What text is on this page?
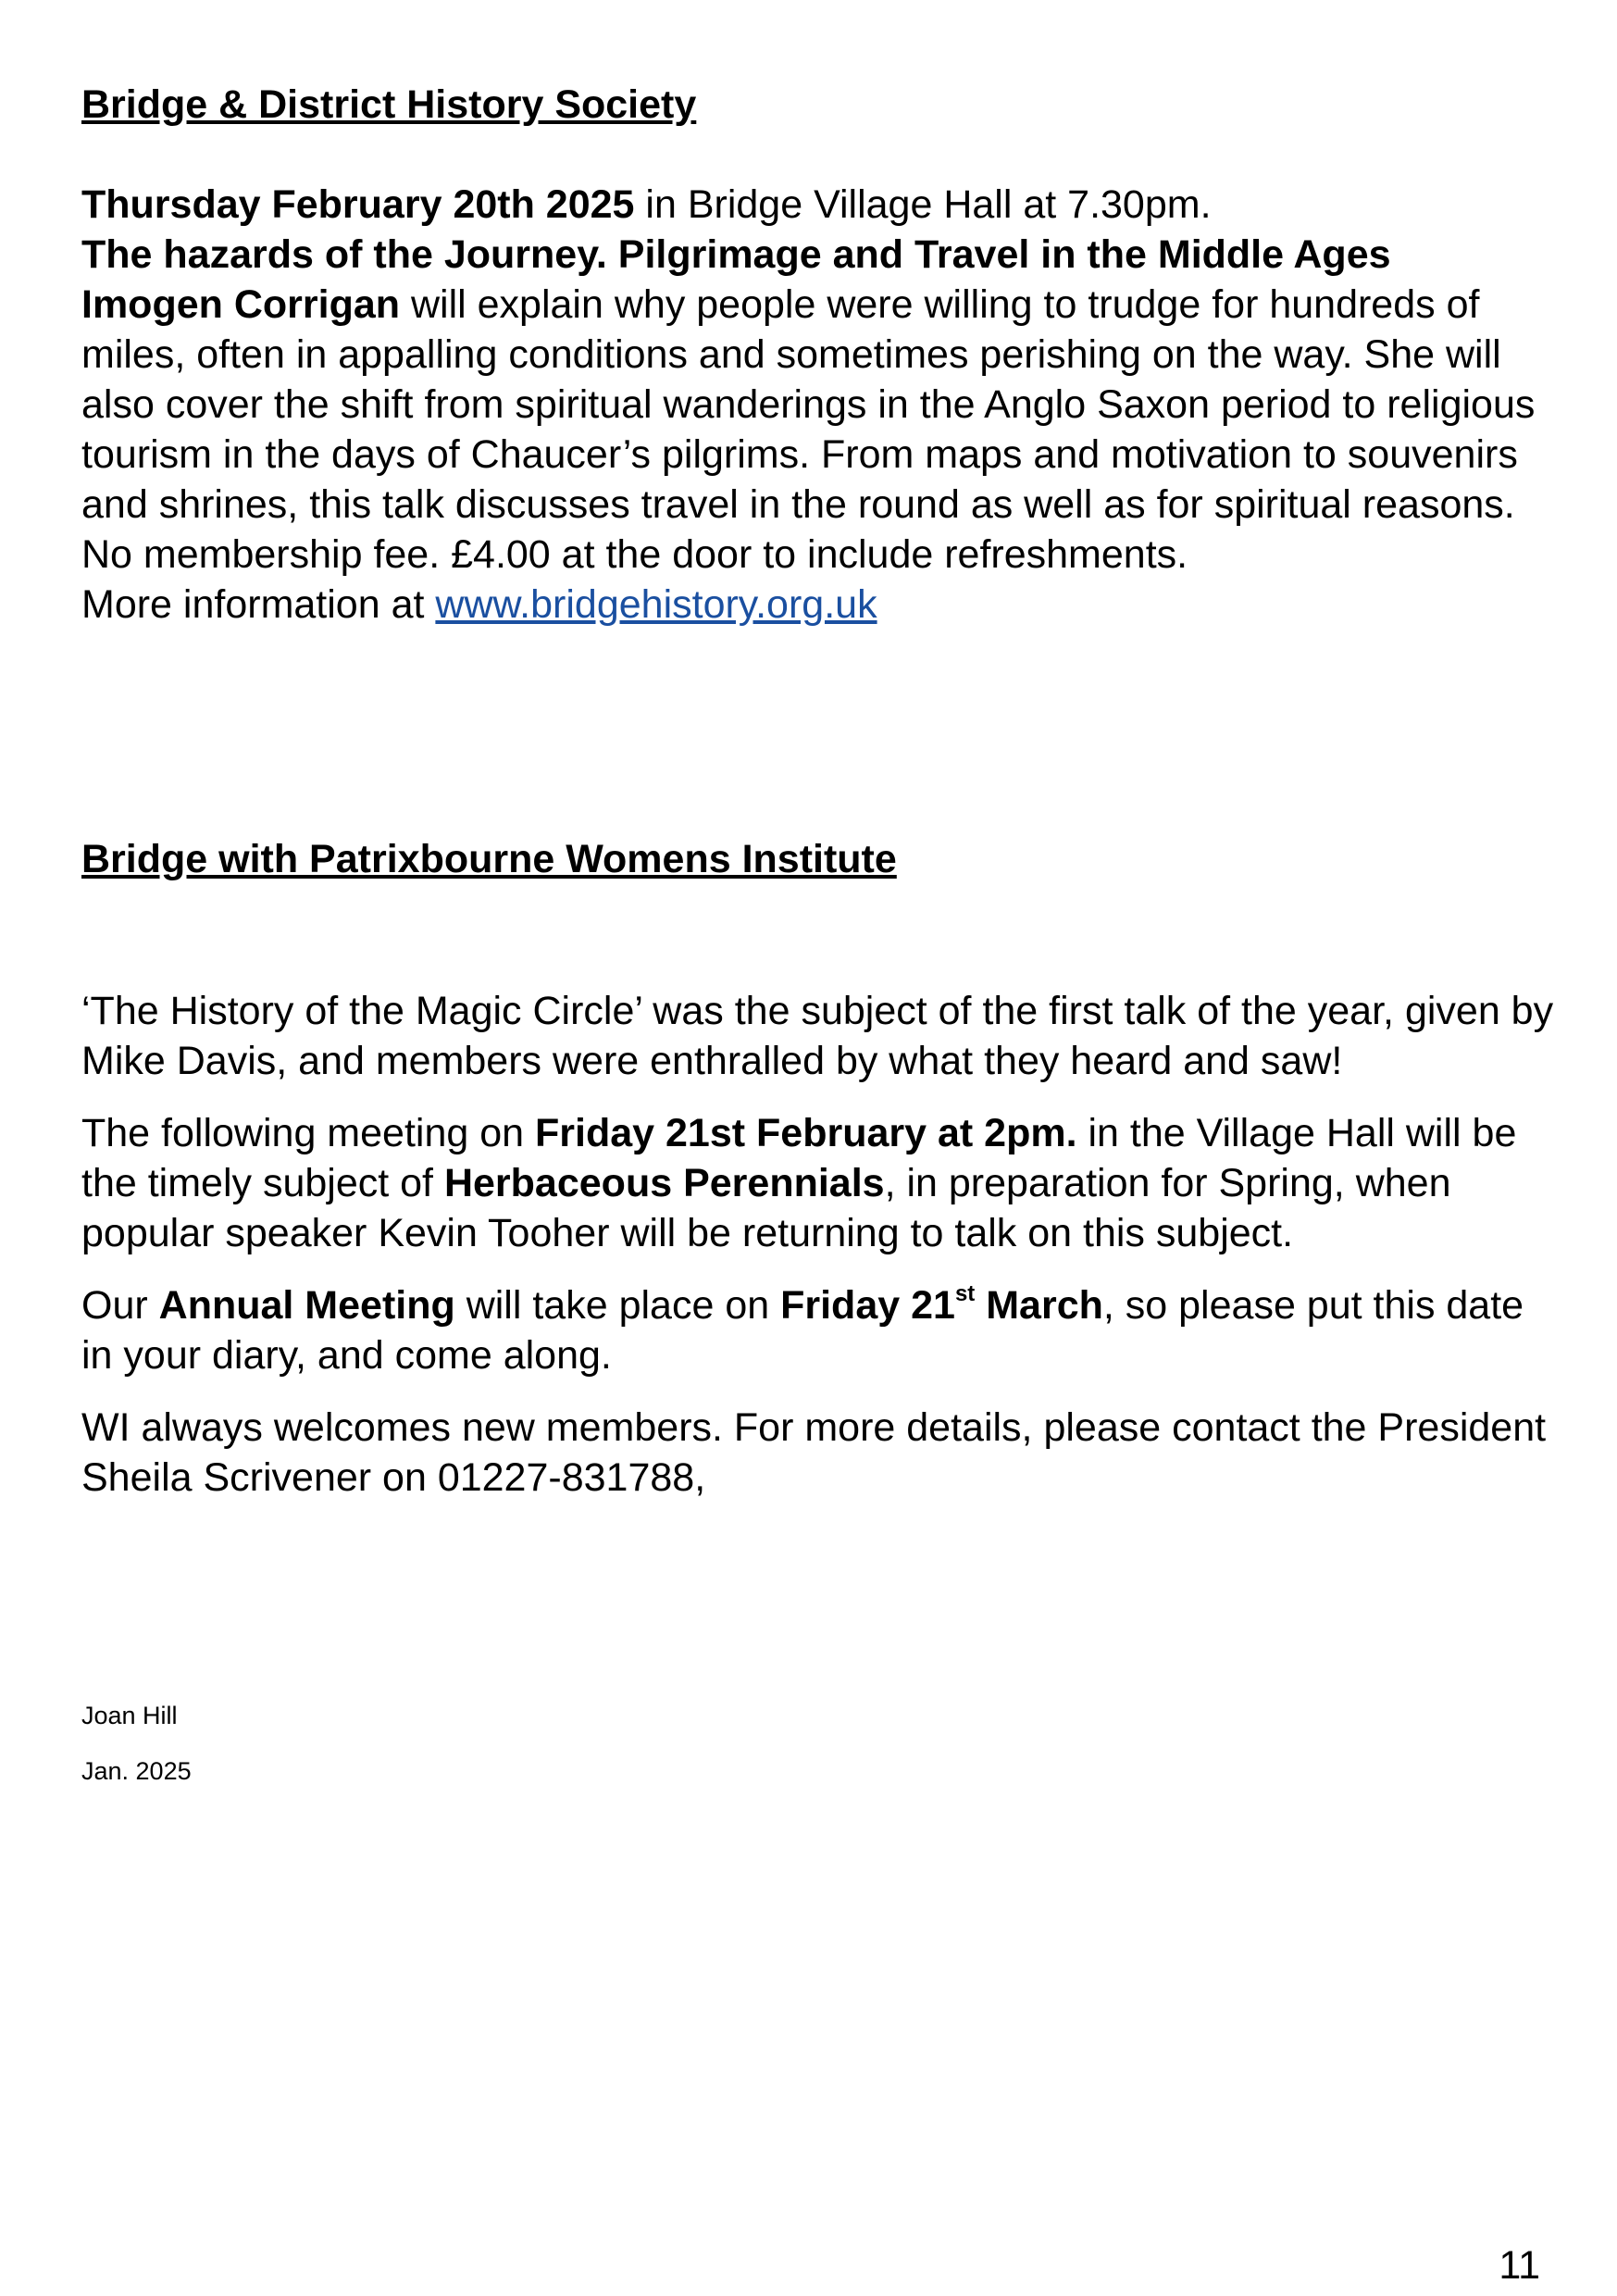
Bridge & District History Society

Thursday February 20th 2025 in Bridge Village Hall at 7.30pm.

The hazards of the Journey. Pilgrimage and Travel in the Middle Ages

Imogen Corrigan will explain why people were willing to trudge for hundreds of miles, often in appalling conditions and sometimes perishing on the way. She will also cover the shift from spiritual wanderings in the Anglo Saxon period to religious tourism in the days of Chaucer’s pilgrims. From maps and motivation to souvenirs and shrines, this talk discusses travel in the round as well as for spiritual reasons.

No membership fee. £4.00 at the door to include refreshments.

More information at www.bridgehistory.org.uk

Bridge with Patrixbourne Womens Institute

‘The History of the Magic Circle’ was the subject of the first talk of the year, given by Mike Davis, and members were enthralled by what they heard and saw!

The following meeting on Friday 21st February at 2pm. in the Village Hall will be the timely subject of Herbaceous Perennials, in preparation for Spring, when popular speaker Kevin Tooher will be returning to talk on this subject.

Our Annual Meeting will take place on Friday 21st March, so please put this date in your diary, and come along.

WI always welcomes new members. For more details, please contact the President Sheila Scrivener on 01227-831788,

Joan Hill

Jan. 2025

11
